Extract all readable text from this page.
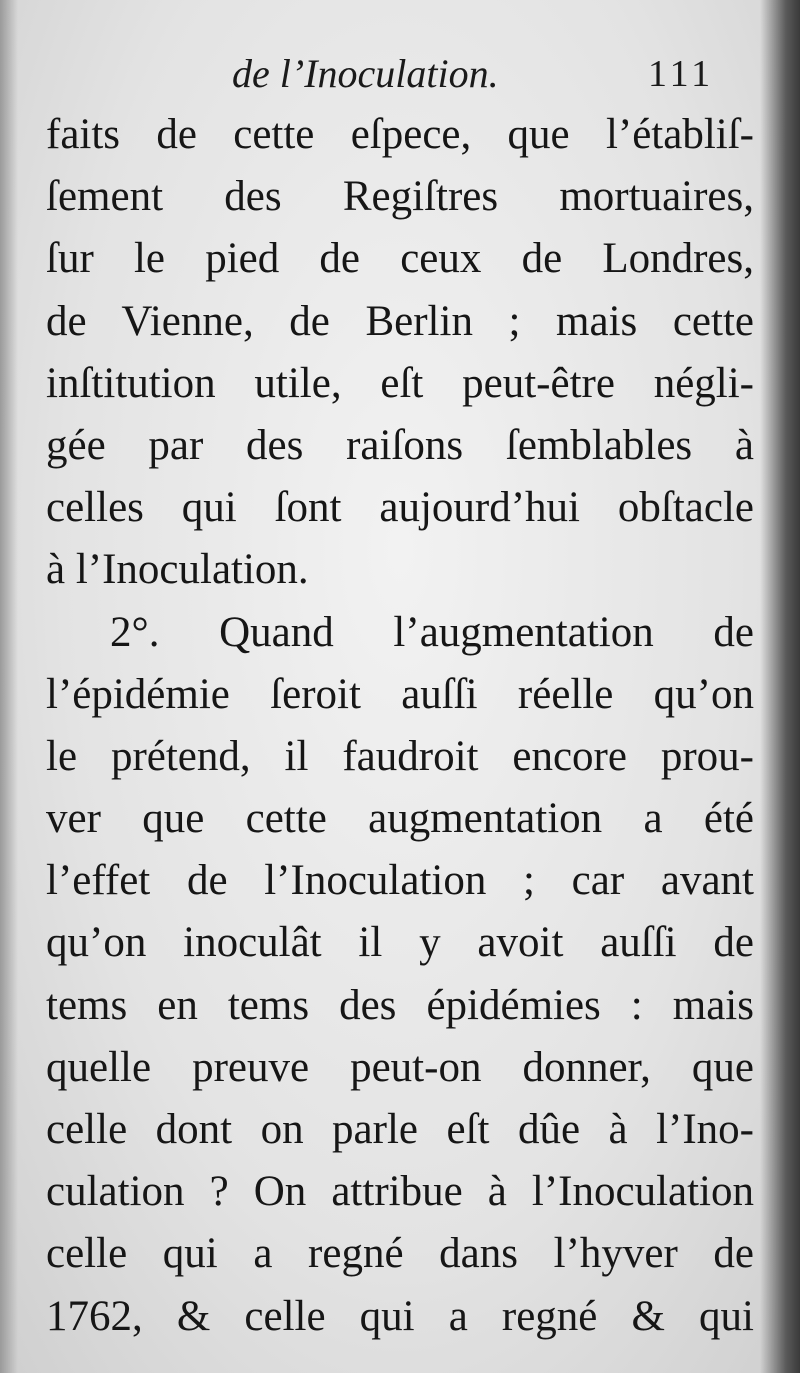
de l’Inoculation.	111
faits de cette eſpece, que l’établiſ-
ſement des Regiſtres mortuaires,
ſur le pied de ceux de Londres,
de Vienne, de Berlin ; mais cette
inſtitution utile, eſt peut-être négli-
gée par des raiſons ſemblables à
celles qui ſont aujourd’hui obſtacle
à l’Inoculation.
2°. Quand l’augmentation de
l’épidémie ſeroit auſſi réelle qu’on
le prétend, il faudroit encore prou-
ver que cette augmentation a été
l’effet de l’Inoculation ; car avant
qu’on inoculât il y avoit auſſi de
tems en tems des épidémies : mais
quelle preuve peut-on donner, que
celle dont on parle eſt dûe à l’Ino-
culation ? On attribue à l’Inoculation
celle qui a regné dans l’hyver de
1762, & celle qui a regné & qui
